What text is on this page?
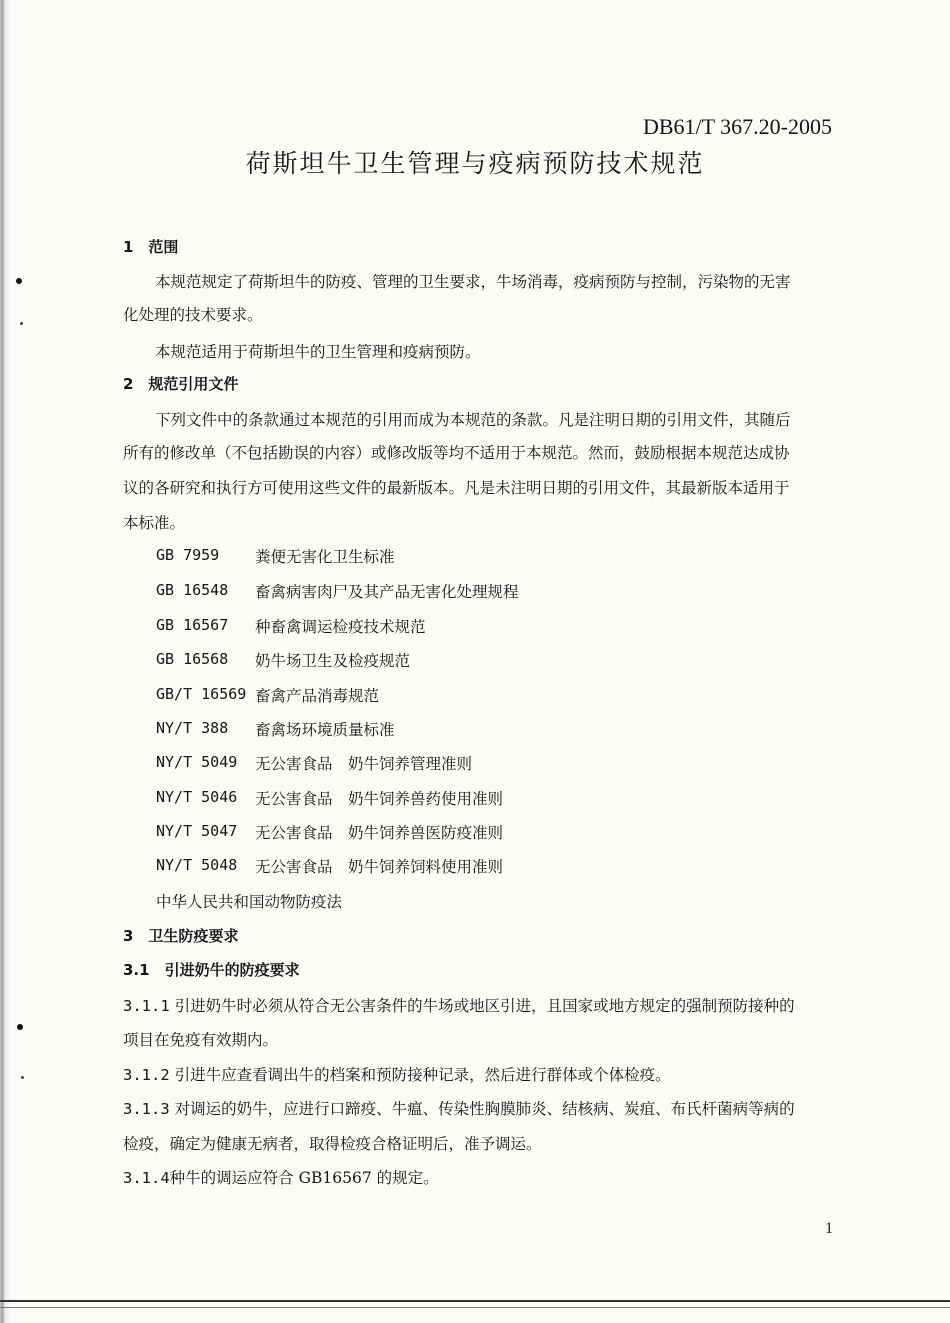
DB61/T 367.20-2005
荷斯坦牛卫生管理与疫病预防技术规范
1　范围
本规范规定了荷斯坦牛的防疫、管理的卫生要求，牛场消毒，疫病预防与控制，污染物的无害
化处理的技术要求。
本规范适用于荷斯坦牛的卫生管理和疫病预防。
2　规范引用文件
下列文件中的条款通过本规范的引用而成为本规范的条款。凡是注明日期的引用文件，其随后
所有的修改单（不包括勘误的内容）或修改版等均不适用于本规范。然而，鼓励根据本规范达成协
议的各研究和执行方可使用这些文件的最新版本。凡是未注明日期的引用文件，其最新版本适用于
本标准。
GB 7959 粪便无害化卫生标准
GB 16548 畜禽病害肉尸及其产品无害化处理规程
GB 16567 种畜禽调运检疫技术规范
GB 16568 奶牛场卫生及检疫规范
GB/T 16569 畜禽产品消毒规范
NY/T 388 畜禽场环境质量标准
NY/T 5049 无公害食品　奶牛饲养管理准则
NY/T 5046 无公害食品　奶牛饲养兽药使用准则
NY/T 5047 无公害食品　奶牛饲养兽医防疫准则
NY/T 5048 无公害食品　奶牛饲养饲料使用准则
中华人民共和国动物防疫法
3　卫生防疫要求
3.1　引进奶牛的防疫要求
3.1.1 引进奶牛时必须从符合无公害条件的牛场或地区引进，且国家或地方规定的强制预防接种的
项目在免疫有效期内。
3.1.2 引进牛应查看调出牛的档案和预防接种记录，然后进行群体或个体检疫。
3.1.3 对调运的奶牛，应进行口蹄疫、牛瘟、传染性胸膜肺炎、结核病、炭疽、布氏杆菌病等病的
检疫，确定为健康无病者，取得检疫合格证明后，准予调运。
3.1.4种牛的调运应符合 GB16567 的规定。
1
